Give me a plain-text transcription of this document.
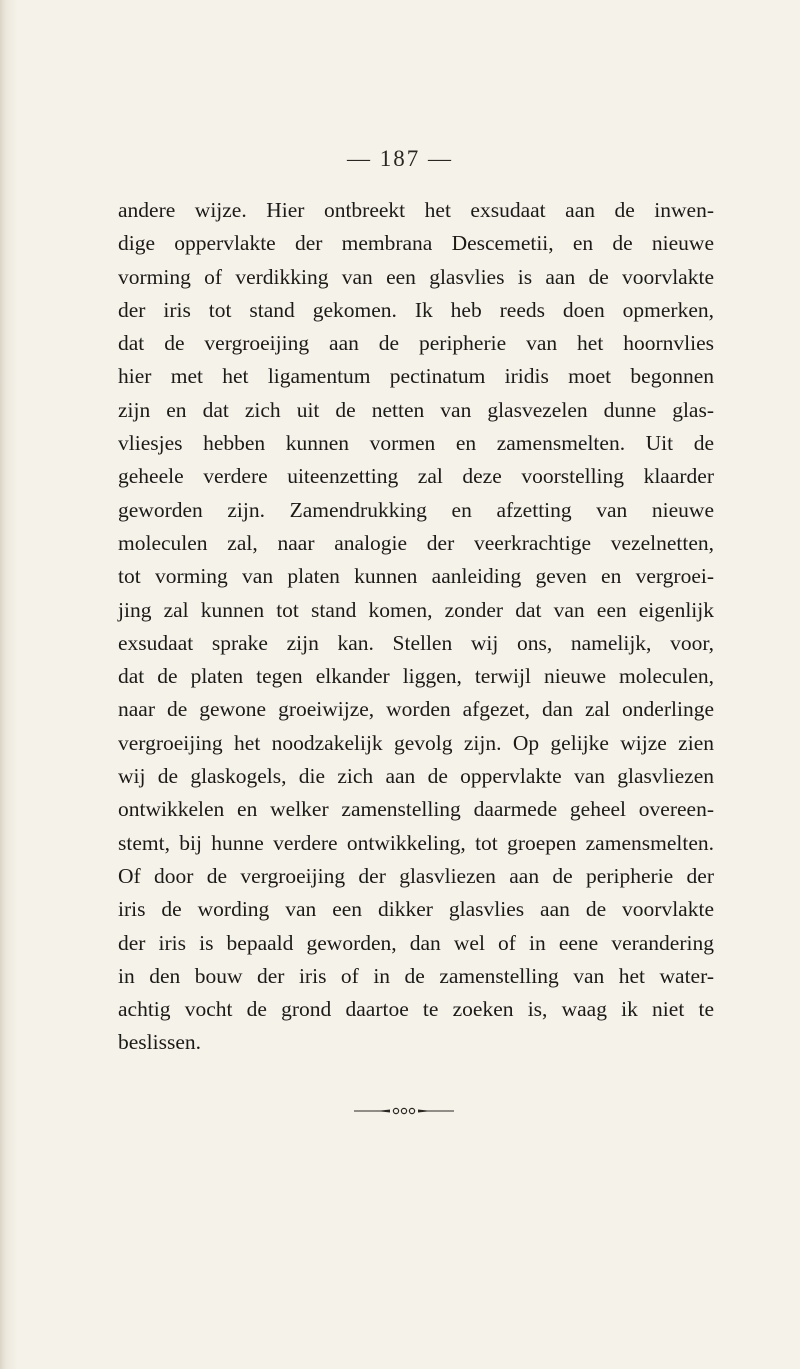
— 187 —
andere wijze. Hier ontbreekt het exsudaat aan de inwen-
dige oppervlakte der membrana Descemetii, en de nieuwe
vorming of verdikking van een glasvlies is aan de voorvlakte
der iris tot stand gekomen. Ik heb reeds doen opmerken,
dat de vergroeijing aan de peripherie van het hoornvlies
hier met het ligamentum pectinatum iridis moet begonnen
zijn en dat zich uit de netten van glasvezelen dunne glas-
vliesjes hebben kunnen vormen en zamensmelten. Uit de
geheele verdere uiteenzetting zal deze voorstelling klaarder
geworden zijn. Zamendrukking en afzetting van nieuwe
moleculen zal, naar analogie der veerkrachtige vezelnetten,
tot vorming van platen kunnen aanleiding geven en vergroei-
jing zal kunnen tot stand komen, zonder dat van een eigenlijk
exsudaat sprake zijn kan. Stellen wij ons, namelijk, voor,
dat de platen tegen elkander liggen, terwijl nieuwe moleculen,
naar de gewone groeiwijze, worden afgezet, dan zal onderlinge
vergroeijing het noodzakelijk gevolg zijn. Op gelijke wijze zien
wij de glaskogels, die zich aan de oppervlakte van glasvliezen
ontwikkelen en welker zamenstelling daarmede geheel overeen-
stemt, bij hunne verdere ontwikkeling, tot groepen zamensmelten.
Of door de vergroeijing der glasvliezen aan de peripherie der
iris de wording van een dikker glasvlies aan de voorvlakte
der iris is bepaald geworden, dan wel of in eene verandering
in den bouw der iris of in de zamenstelling van het water-
achtig vocht de grond daartoe te zoeken is, waag ik niet te
beslissen.
